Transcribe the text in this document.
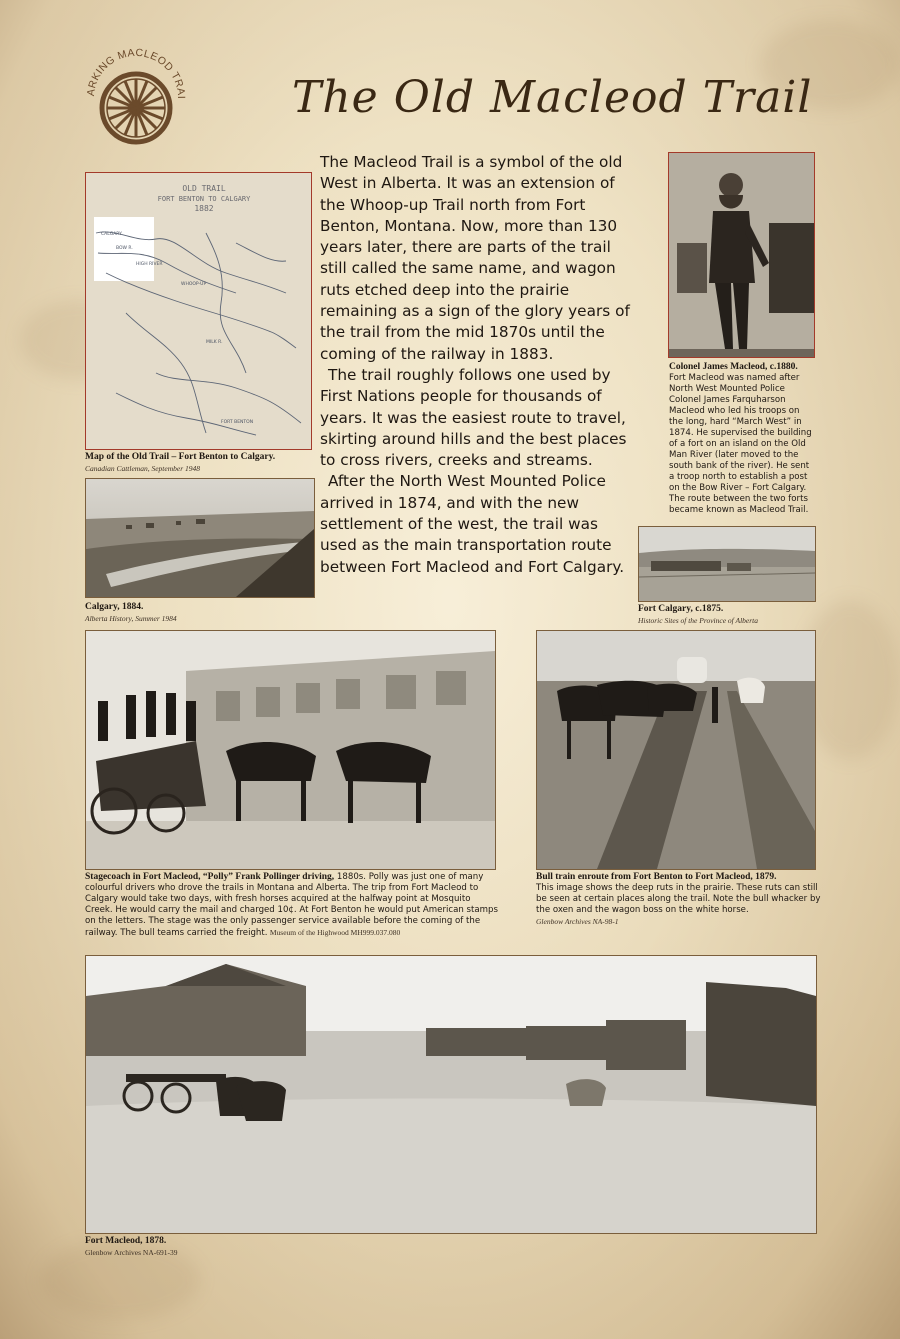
ARKING MACLEOD TRAI The Old Macleod Trail
OLD TRAIL
FORT BENTON TO CALGARY
1882
CALGARY
BOW R.
HIGH RIVER
WHOOP-UP
MILK R.
FORT BENTON
Map of the Old Trail – Fort Benton to Calgary.
Canadian Cattleman, September 1948
Calgary, 1884.
Alberta History, Summer 1984

The Macleod Trail is a symbol of the old West in Alberta. It was an extension of the Whoop-up Trail north from Fort Benton, Montana. Now, more than 130 years later, there are parts of the trail still called the same name, and wagon ruts etched deep into the prairie remaining as a sign of the glory years of the trail from the mid 1870s until the coming of the railway in 1883.

The trail roughly follows one used by First Nations people for thousands of years. It was the easiest route to travel, skirting around hills and the best places to cross rivers, creeks and streams.

After the North West Mounted Police arrived in 1874, and with the new settlement of the west, the trail was used as the main transportation route between Fort Macleod and Fort Calgary.

Colonel James Macleod, c.1880.
Fort Macleod was named after North West Mounted Police Colonel James Farquharson Macleod who led his troops on the long, hard “March West” in 1874. He supervised the building of a fort on an island on the Old Man River (later moved to the south bank of the river). He sent a troop north to establish a post on the Bow River – Fort Calgary. The route between the two forts became known as Macleod Trail.
Fort Calgary, c.1875.
Historic Sites of the Province of Alberta
Stagecoach in Fort Macleod, “Polly” Frank Pollinger driving, 1880s. Polly was just one of many colourful drivers who drove the trails in Montana and Alberta. The trip from Fort Macleod to Calgary would take two days, with fresh horses acquired at the halfway point at Mosquito Creek. He would carry the mail and charged 10¢. At Fort Benton he would put American stamps on the letters. The stage was the only passenger service available before the coming of the railway. The bull teams carried the freight. Museum of the Highwood MH999.037.080
Bull train enroute from Fort Benton to Fort Macleod, 1879.
This image shows the deep ruts in the prairie. These ruts can still be seen at certain places along the trail. Note the bull whacker by the oxen and the wagon boss on the white horse.
Glenbow Archives NA-98-1
Fort Macleod, 1878.
Glenbow Archives NA-691-39
